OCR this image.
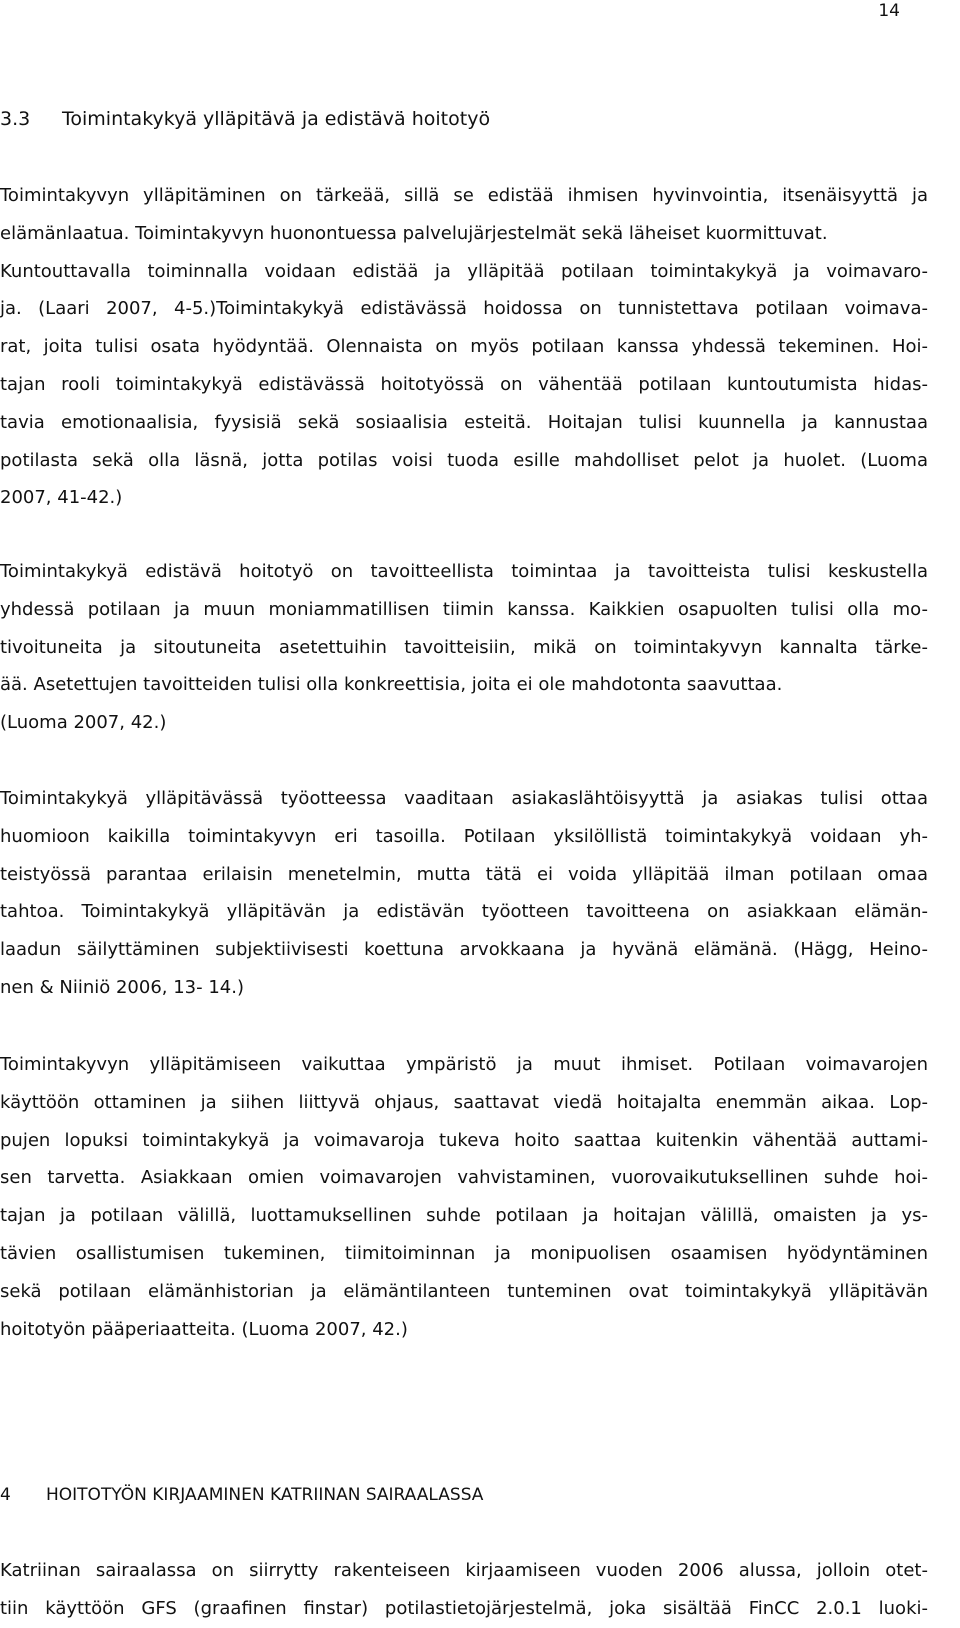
14
3.3 Toimintakykyä ylläpitävä ja edistävä hoitotyö
Toimintakyvyn ylläpitäminen on tärkeää, sillä se edistää ihmisen hyvinvointia, itsenäisyyttä ja
elämänlaatua. Toimintakyvyn huonontuessa palvelujärjestelmät sekä läheiset kuormittuvat.
Kuntouttavalla toiminnalla voidaan edistää ja ylläpitää potilaan toimintakykyä ja voimavaro-
ja. (Laari 2007, 4-5.)Toimintakykyä edistävässä hoidossa on tunnistettava potilaan voimava-
rat, joita tulisi osata hyödyntää. Olennaista on myös potilaan kanssa yhdessä tekeminen. Hoi-
tajan rooli toimintakykyä edistävässä hoitotyössä on vähentää potilaan kuntoutumista hidas-
tavia emotionaalisia, fyysisiä sekä sosiaalisia esteitä. Hoitajan tulisi kuunnella ja kannustaa
potilasta sekä olla läsnä, jotta potilas voisi tuoda esille mahdolliset pelot ja huolet. (Luoma
2007, 41-42.)
Toimintakykyä edistävä hoitotyö on tavoitteellista toimintaa ja tavoitteista tulisi keskustella
yhdessä potilaan ja muun moniammatillisen tiimin kanssa. Kaikkien osapuolten tulisi olla mo-
tivoituneita ja sitoutuneita asetettuihin tavoitteisiin, mikä on toimintakyvyn kannalta tärke-
ää. Asetettujen tavoitteiden tulisi olla konkreettisia, joita ei ole mahdotonta saavuttaa.
(Luoma 2007, 42.)
Toimintakykyä ylläpitävässä työotteessa vaaditaan asiakaslähtöisyyttä ja asiakas tulisi ottaa
huomioon kaikilla toimintakyvyn eri tasoilla. Potilaan yksilöllistä toimintakykyä voidaan yh-
teistyössä parantaa erilaisin menetelmin, mutta tätä ei voida ylläpitää ilman potilaan omaa
tahtoa. Toimintakykyä ylläpitävän ja edistävän työotteen tavoitteena on asiakkaan elämän-
laadun säilyttäminen subjektiivisesti koettuna arvokkaana ja hyvänä elämänä. (Hägg, Heino-
nen & Niiniö 2006, 13- 14.)
Toimintakyvyn ylläpitämiseen vaikuttaa ympäristö ja muut ihmiset. Potilaan voimavarojen
käyttöön ottaminen ja siihen liittyvä ohjaus, saattavat viedä hoitajalta enemmän aikaa. Lop-
pujen lopuksi toimintakykyä ja voimavaroja tukeva hoito saattaa kuitenkin vähentää auttami-
sen tarvetta. Asiakkaan omien voimavarojen vahvistaminen, vuorovaikutuksellinen suhde hoi-
tajan ja potilaan välillä, luottamuksellinen suhde potilaan ja hoitajan välillä, omaisten ja ys-
tävien osallistumisen tukeminen, tiimitoiminnan ja monipuolisen osaamisen hyödyntäminen
sekä potilaan elämänhistorian ja elämäntilanteen tunteminen ovat toimintakykyä ylläpitävän
hoitotyön pääperiaatteita. (Luoma 2007, 42.)
4 HOITOTYÖN KIRJAAMINEN KATRIINAN SAIRAALASSA
Katriinan sairaalassa on siirrytty rakenteiseen kirjaamiseen vuoden 2006 alussa, jolloin otet-
tiin käyttöön GFS (graafinen finstar) potilastietojärjestelmä, joka sisältää FinCC 2.0.1 luoki-
